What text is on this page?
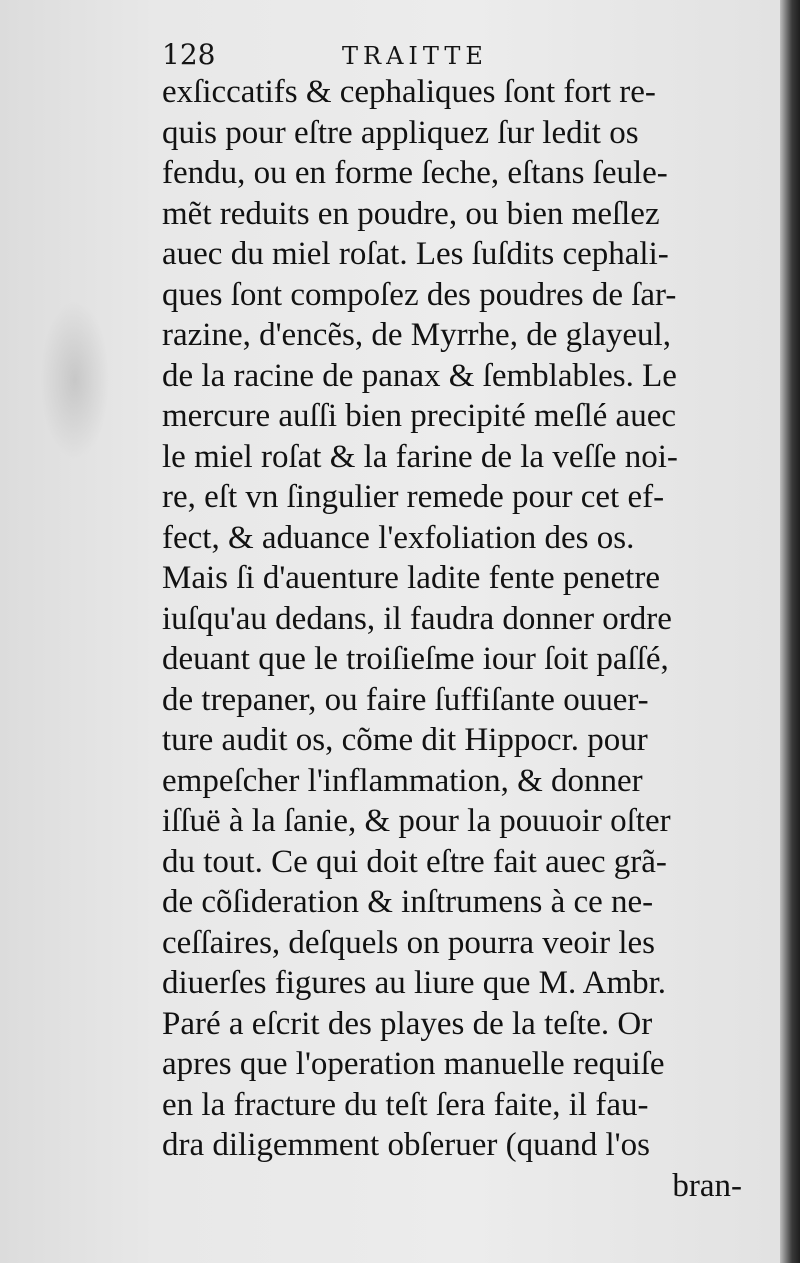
128	TRAITTE
exſiccatifs & cephaliques ſont fort re-
quis pour eſtre appliquez ſur ledit os
fendu, ou en forme ſeche, eſtans ſeule-
mẽt reduits en poudre, ou bien meſlez
auec du miel roſat. Les ſuſdits cephali-
ques ſont compoſez des poudres de ſar-
razine, d'encẽs, de Myrrhe, de glayeul,
de la racine de panax & ſemblables. Le
mercure auſſi bien precipité meſlé auec
le miel roſat & la farine de la veſſe noi-
re, eſt vn ſingulier remede pour cet ef-
fect, & aduance l'exfoliation des os.
Mais ſi d'auenture ladite fente penetre
iuſqu'au dedans, il faudra donner ordre
deuant que le troiſieſme iour ſoit paſſé,
de trepaner, ou faire ſuffiſante ouuer-
ture audit os, cõme dit Hippocr. pour
empeſcher l'inflammation, & donner
iſſuë à la ſanie, & pour la pouuoir oſter
du tout. Ce qui doit eſtre fait auec grã-
de cõſideration & inſtrumens à ce ne-
ceſſaires, deſquels on pourra veoir les
diuerſes figures au liure que M. Ambr.
Paré a eſcrit des playes de la teſte. Or
apres que l'operation manuelle requiſe
en la fracture du teſt ſera faite, il fau-
dra diligemment obſeruer (quand l'os
bran-
